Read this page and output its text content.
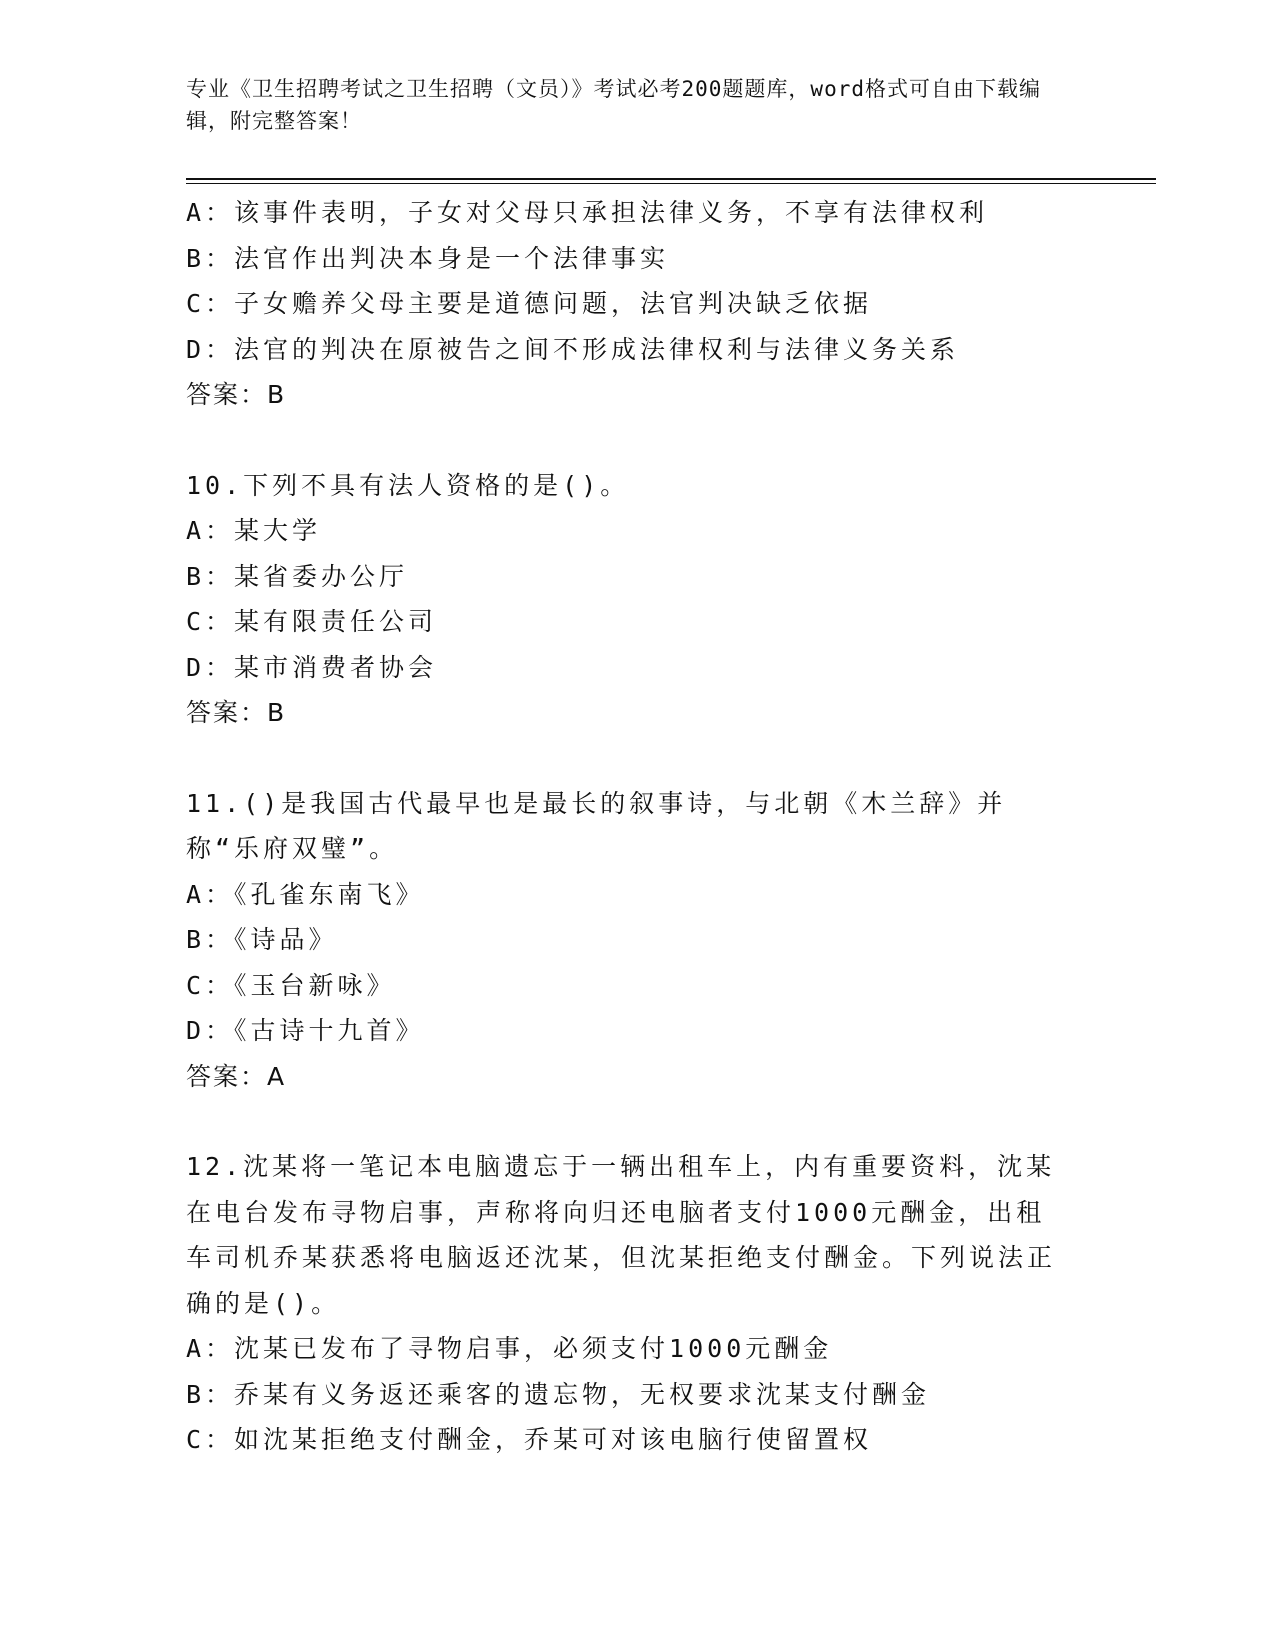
专业《卫生招聘考试之卫生招聘（文员）》考试必考200题题库，word格式可自由下载编辑，附完整答案！
A：该事件表明，子女对父母只承担法律义务，不享有法律权利
B：法官作出判决本身是一个法律事实
C：子女赡养父母主要是道德问题，法官判决缺乏依据
D：法官的判决在原被告之间不形成法律权利与法律义务关系
答案：B
10.下列不具有法人资格的是()。
A：某大学
B：某省委办公厅
C：某有限责任公司
D：某市消费者协会
答案：B
11.()是我国古代最早也是最长的叙事诗，与北朝《木兰辞》并称“乐府双璧”。
A：《孔雀东南飞》
B：《诗品》
C：《玉台新咏》
D：《古诗十九首》
答案：A
12.沈某将一笔记本电脑遗忘于一辆出租车上，内有重要资料，沈某在电台发布寻物启事，声称将向归还电脑者支付1000元酬金，出租车司机乔某获悉将电脑返还沈某，但沈某拒绝支付酬金。下列说法正确的是()。
A：沈某已发布了寻物启事，必须支付1000元酬金
B：乔某有义务返还乘客的遗忘物，无权要求沈某支付酬金
C：如沈某拒绝支付酬金，乔某可对该电脑行使留置权
